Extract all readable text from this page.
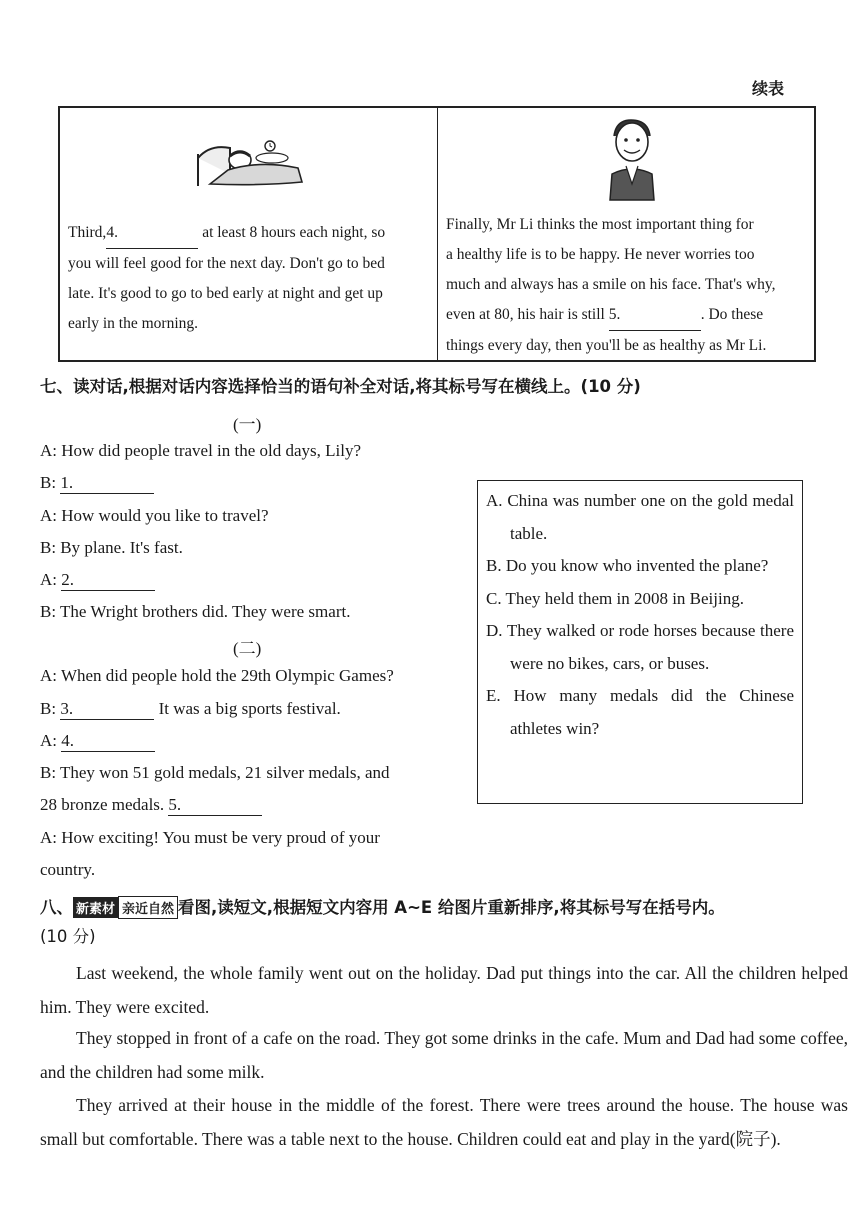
续表
Third,4.	at least 8 hours each night, so
you will feel good for the next day. Don't go to bed
late. It's good to go to bed early at night and get up
early in the morning.
Finally, Mr Li thinks the most important thing for
a healthy life is to be happy. He never worries too
much and always has a smile on his face. That's why,
even at 80, his hair is still 5.	. Do these
things every day, then you'll be as healthy as Mr Li.
七、读对话,根据对话内容选择恰当的语句补全对话,将其标号写在横线上。(10 分)
(一)
A: How did people travel in the old days, Lily?
B: 1.
A: How would you like to travel?
B: By plane. It's fast.
A: 2.
B: The Wright brothers did. They were smart.
(二)
A: When did people hold the 29th Olympic Games?
B: 3.	It was a big sports festival.
A: 4.
B: They won 51 gold medals, 21 silver medals, and
28 bronze medals. 5.
A: How exciting! You must be very proud of your
country.
A. China was number one on the gold medal table.
B. Do you know who invented the plane?
C. They held them in 2008 in Beijing.
D. They walked or rode horses because there were no bikes, cars, or buses.
E. How many medals did the Chinese athletes win?
八、 新素材 亲近自然 看图,读短文,根据短文内容用 A~E 给图片重新排序,将其标号写在括号内。
(10 分)
Last weekend, the whole family went out on the holiday. Dad put things into the car. All the children helped him. They were excited.
They stopped in front of a cafe on the road. They got some drinks in the cafe. Mum and Dad had some coffee, and the children had some milk.
They arrived at their house in the middle of the forest. There were trees around the house. The house was small but comfortable. There was a table next to the house. Children could eat and play in the yard(院子).
